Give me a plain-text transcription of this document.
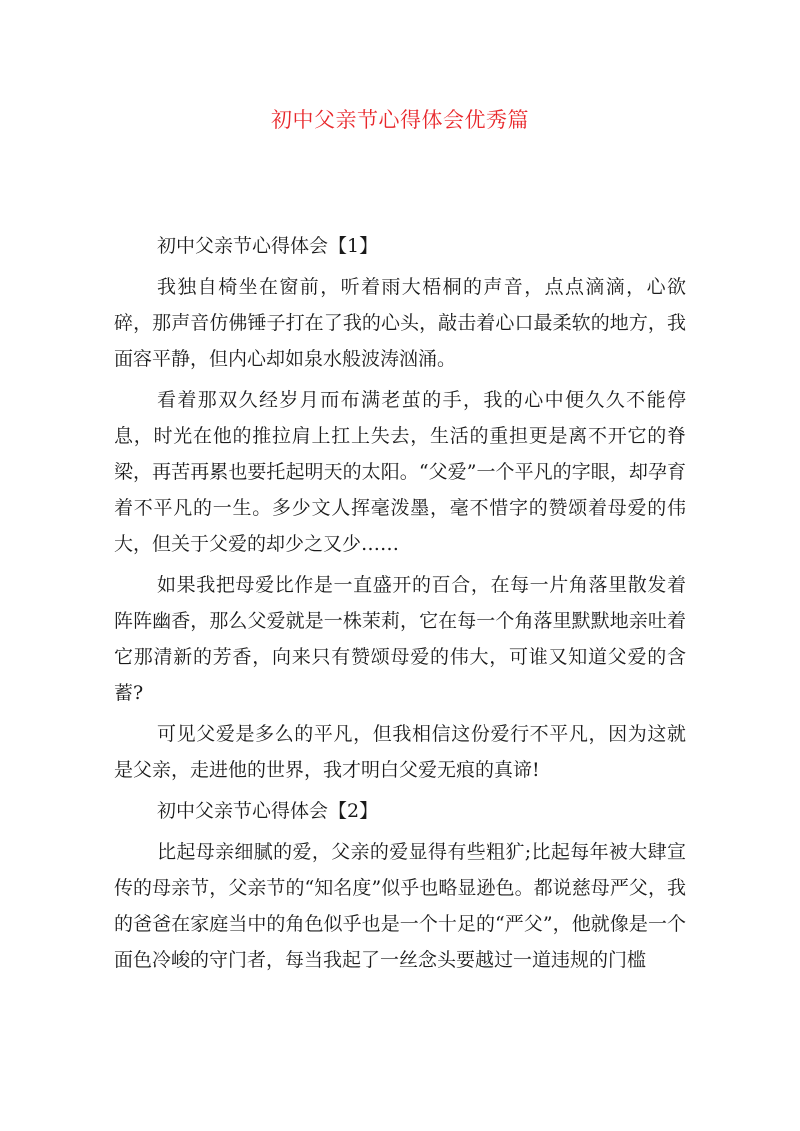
初中父亲节心得体会优秀篇
初中父亲节心得体会【1】

我独自椅坐在窗前，听着雨大梧桐的声音，点点滴滴，心欲碎，那声音仿佛锤子打在了我的心头，敲击着心口最柔软的地方，我面容平静，但内心却如泉水般波涛汹涌。

看着那双久经岁月而布满老茧的手，我的心中便久久不能停息，时光在他的推拉肩上扛上失去，生活的重担更是离不开它的脊梁，再苦再累也要托起明天的太阳。“父爱”一个平凡的字眼，却孕育着不平凡的一生。多少文人挥毫泼墨，毫不惜字的赞颂着母爱的伟大，但关于父爱的却少之又少……

如果我把母爱比作是一直盛开的百合，在每一片角落里散发着阵阵幽香，那么父爱就是一株茉莉，它在每一个角落里默默地亲吐着它那清新的芳香，向来只有赞颂母爱的伟大，可谁又知道父爱的含蓄?

可见父爱是多么的平凡，但我相信这份爱行不平凡，因为这就是父亲，走进他的世界，我才明白父爱无痕的真谛!

初中父亲节心得体会【2】

比起母亲细腻的爱，父亲的爱显得有些粗犷;比起每年被大肆宣传的母亲节，父亲节的“知名度”似乎也略显逊色。都说慈母严父，我的爸爸在家庭当中的角色似乎也是一个十足的“严父”，他就像是一个面色冷峻的守门者，每当我起了一丝念头要越过一道违规的门槛
